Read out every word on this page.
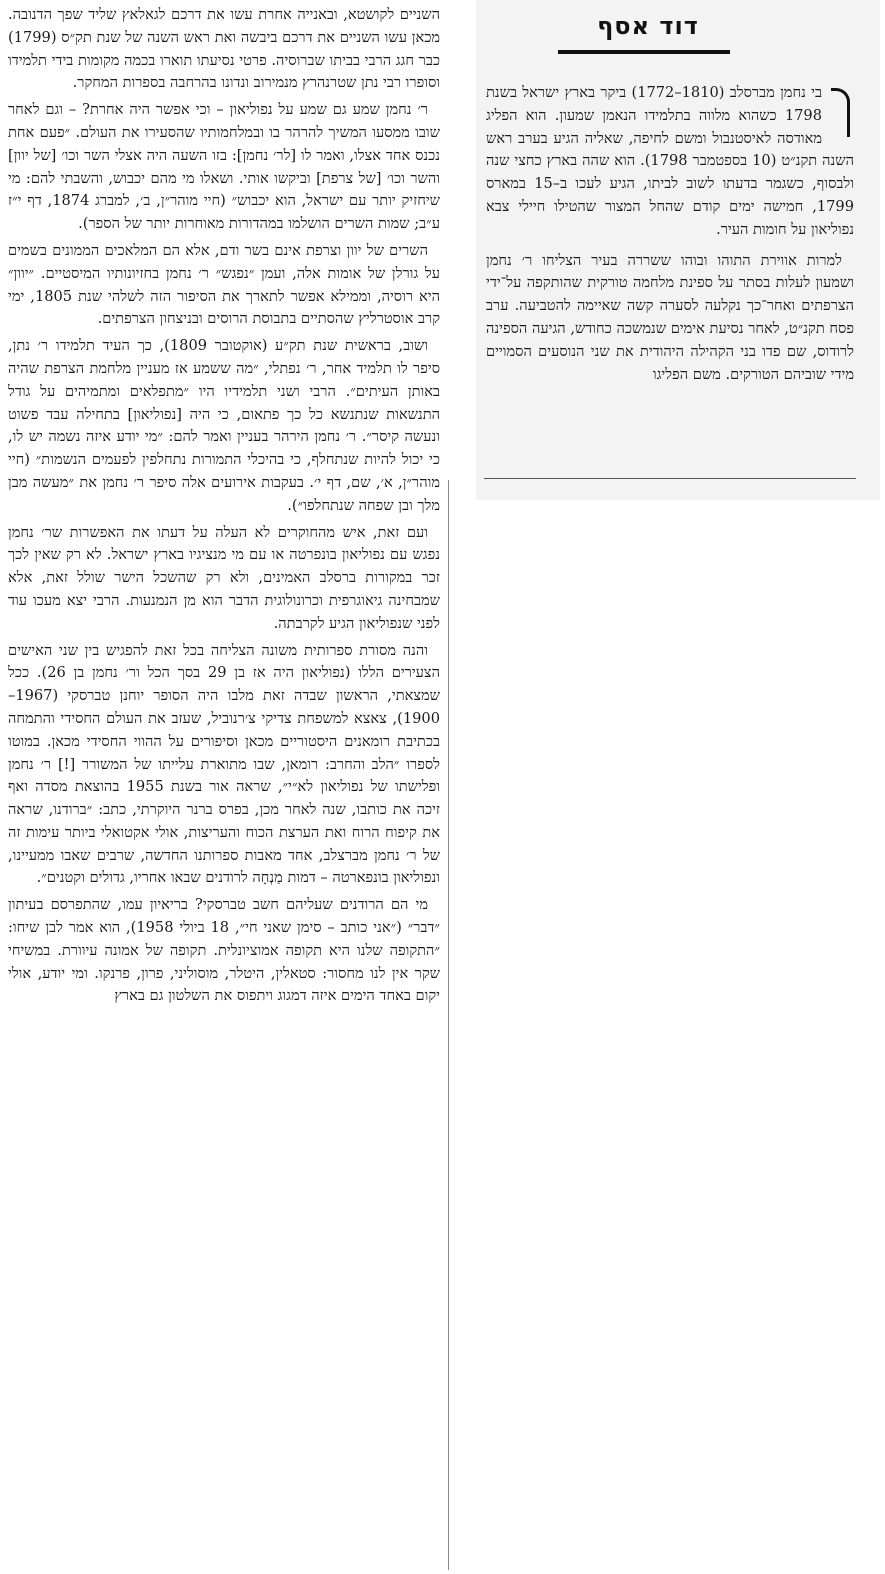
דוד אסף

בי נחמן מברסלב (1810–1772) ביקר בארץ ישראל בשנת 1798 כשהוא מלווה בתלמידו הנאמן שמעון. הוא הפליג מאודסה לאיסטנבול ומשם לחיפה, שאליה הגיע בערב ראש השנה תקנ״ט (10 בספטמבר 1798). הוא שהה בארץ כחצי שנה ולבסוף, כשגמר בדעתו לשוב לביתו, הגיע לעכו ב–15 במארס 1799, חמישה ימים קודם שהחל המצור שהטילו חיילי צבא נפוליאון על חומות העיר.

למרות אווירת התוהו ובוהו ששררה בעיר הצליחו ר׳ נחמן ושמעון לעלות בסתר על ספינת מלחמה טורקית שהותקפה על־ידי הצרפתים ואחר־כך נקלעה לסערה קשה שאיימה להטביעה. ערב פסח תקנ״ט, לאחר נסיעת אימים שנמשכה כחודש, הגיעה הספינה לרודוס, שם פדו בני הקהילה היהודית את שני הנוסעים הסמויים מידי שוביהם הטורקים. משם הפליגו

השניים לקושטא, ובאנייה אחרת עשו את דרכם לגאלאץ שליד שפך הדנובה. מכאן עשו השניים את דרכם ביבשה ואת ראש השנה של שנת תק״ס (1799) כבר חגג הרבי בביתו שברוסיה. פרטי נסיעתו תוארו בכמה מקומות בידי תלמידו וסופרו רבי נתן שטרנהרץ מנמירוב ונדונו בהרחבה בספרות המחקר.

ר׳ נחמן שמע גם שמע על נפוליאון – וכי אפשר היה אחרת? – וגם לאחר שובו ממסעו המשיך להרהר בו ובמלחמותיו שהסעירו את העולם. ״פעם אחת נכנס אחד אצלו, ואמר לו [לר׳ נחמן]: בזו השעה היה אצלי השר וכו׳ [של יוון] והשר וכו׳ [של צרפת] וביקשו אותי. ושאלו מי מהם יכבוש, והשבתי להם: מי שיחזיק יותר עם ישראל, הוא יכבוש״ (חיי מוהר״ן, ב׳, למברג 1874, דף י״ז ע״ב; שמות השרים הושלמו במהדורות מאוחרות יותר של הספר).

השרים של יוון וצרפת אינם בשר ודם, אלא הם המלאכים הממונים בשמים על גורלן של אומות אלה, ועמן ״נפגש״ ר׳ נחמן בחזיונותיו המיסטיים. ״יוון״ היא רוסיה, וממילא אפשר לתארך את הסיפור הזה לשלהי שנת 1805, ימי קרב אוסטרליץ שהסתיים בתבוסת הרוסים ובניצחון הצרפתים.

ושוב, בראשית שנת תק״ע (אוקטובר 1809), כך העיד תלמידו ר׳ נתן, סיפר לו תלמיד אחר, ר׳ נפתלי, ״מה ששמע אז מעניין מלחמת הצרפת שהיה באותן העיתים״. הרבי ושני תלמידיו היו ״מתפלאים ומתמיהים על גודל התנשאות שנתנשא כל כך פתאום, כי היה [נפוליאון] בתחילה עבד פשוט ונעשה קיסר״. ר׳ נחמן הירהר בעניין ואמר להם: ״מי יודע איזה נשמה יש לו, כי יכול להיות שנתחלף, כי בהיכלי התמורות נתחלפין לפעמים הנשמות״ (חיי מוהר״ן, א׳, שם, דף י׳. בעקבות אירועים אלה סיפר ר׳ נחמן את ״מעשה מבן מלך ובן שפחה שנתחלפו״).

ועם זאת, איש מהחוקרים לא העלה על דעתו את האפשרות שר׳ נחמן נפגש עם נפוליאון בונפרטה או עם מי מנציגיו בארץ ישראל. לא רק שאין לכך זכר במקורות ברסלב האמינים, ולא רק שהשכל הישר שולל זאת, אלא שמבחינה גיאוגרפית וכרונולוגית הדבר הוא מן הנמנעות. הרבי יצא מעכו עוד לפני שנפוליאון הגיע לקרבתה.

והנה מסורת ספרותית משונה הצליחה בכל זאת להפגיש בין שני האישים הצעירים הללו (נפוליאון היה אז בן 29 בסך הכל ור׳ נחמן בן 26). ככל שמצאתי, הראשון שבדה זאת מלבו היה הסופר יוחנן טברסקי (1967–1900), צאצא למשפחת צדיקי צ׳רנוביל, שעזב את העולם החסידי והתמחה בכתיבת רומאנים היסטוריים מכאן וסיפורים על ההווי החסידי מכאן. במוטו לספרו ״הלב והחרב: רומאן, שבו מתוארת עלייתו של המשורר [!] ר׳ נחמן ופלישתו של נפוליאון לא״י״, שראה אור בשנת 1955 בהוצאת מסדה ואף זיכה את כותבו, שנה לאחר מכן, בפרס ברנר היוקרתי, כתב: ״ברודנו, שראה את קיפוח הרוח ואת הערצת הכוח והעריצות, אולי אקטואלי ביותר עימות זה של ר׳ נחמן מברצלב, אחד מאבות ספרותנו החדשה, שרבים שאבו ממעיינו, ונפוליאון בונפארטה – דמות מַנְחָה לרודנים שבאו אחריו, גדולים וקטנים״.

מי הם הרודנים שעליהם חשב טברסקי? בריאיון עמו, שהתפרסם בעיתון ״דבר״ (״אני כותב – סימן שאני חי״, 18 ביולי 1958), הוא אמר לבן שיחו: ״התקופה שלנו היא תקופה אמוציונלית. תקופה של אמונה עיוורת. במשיחי שקר אין לנו מחסור: סטאלין, היטלר, מוסוליני, פרון, פרנקו. ומי יודע, אולי יקום באחד הימים איזה דמגוג ויתפוס את השלטון גם בארץ
